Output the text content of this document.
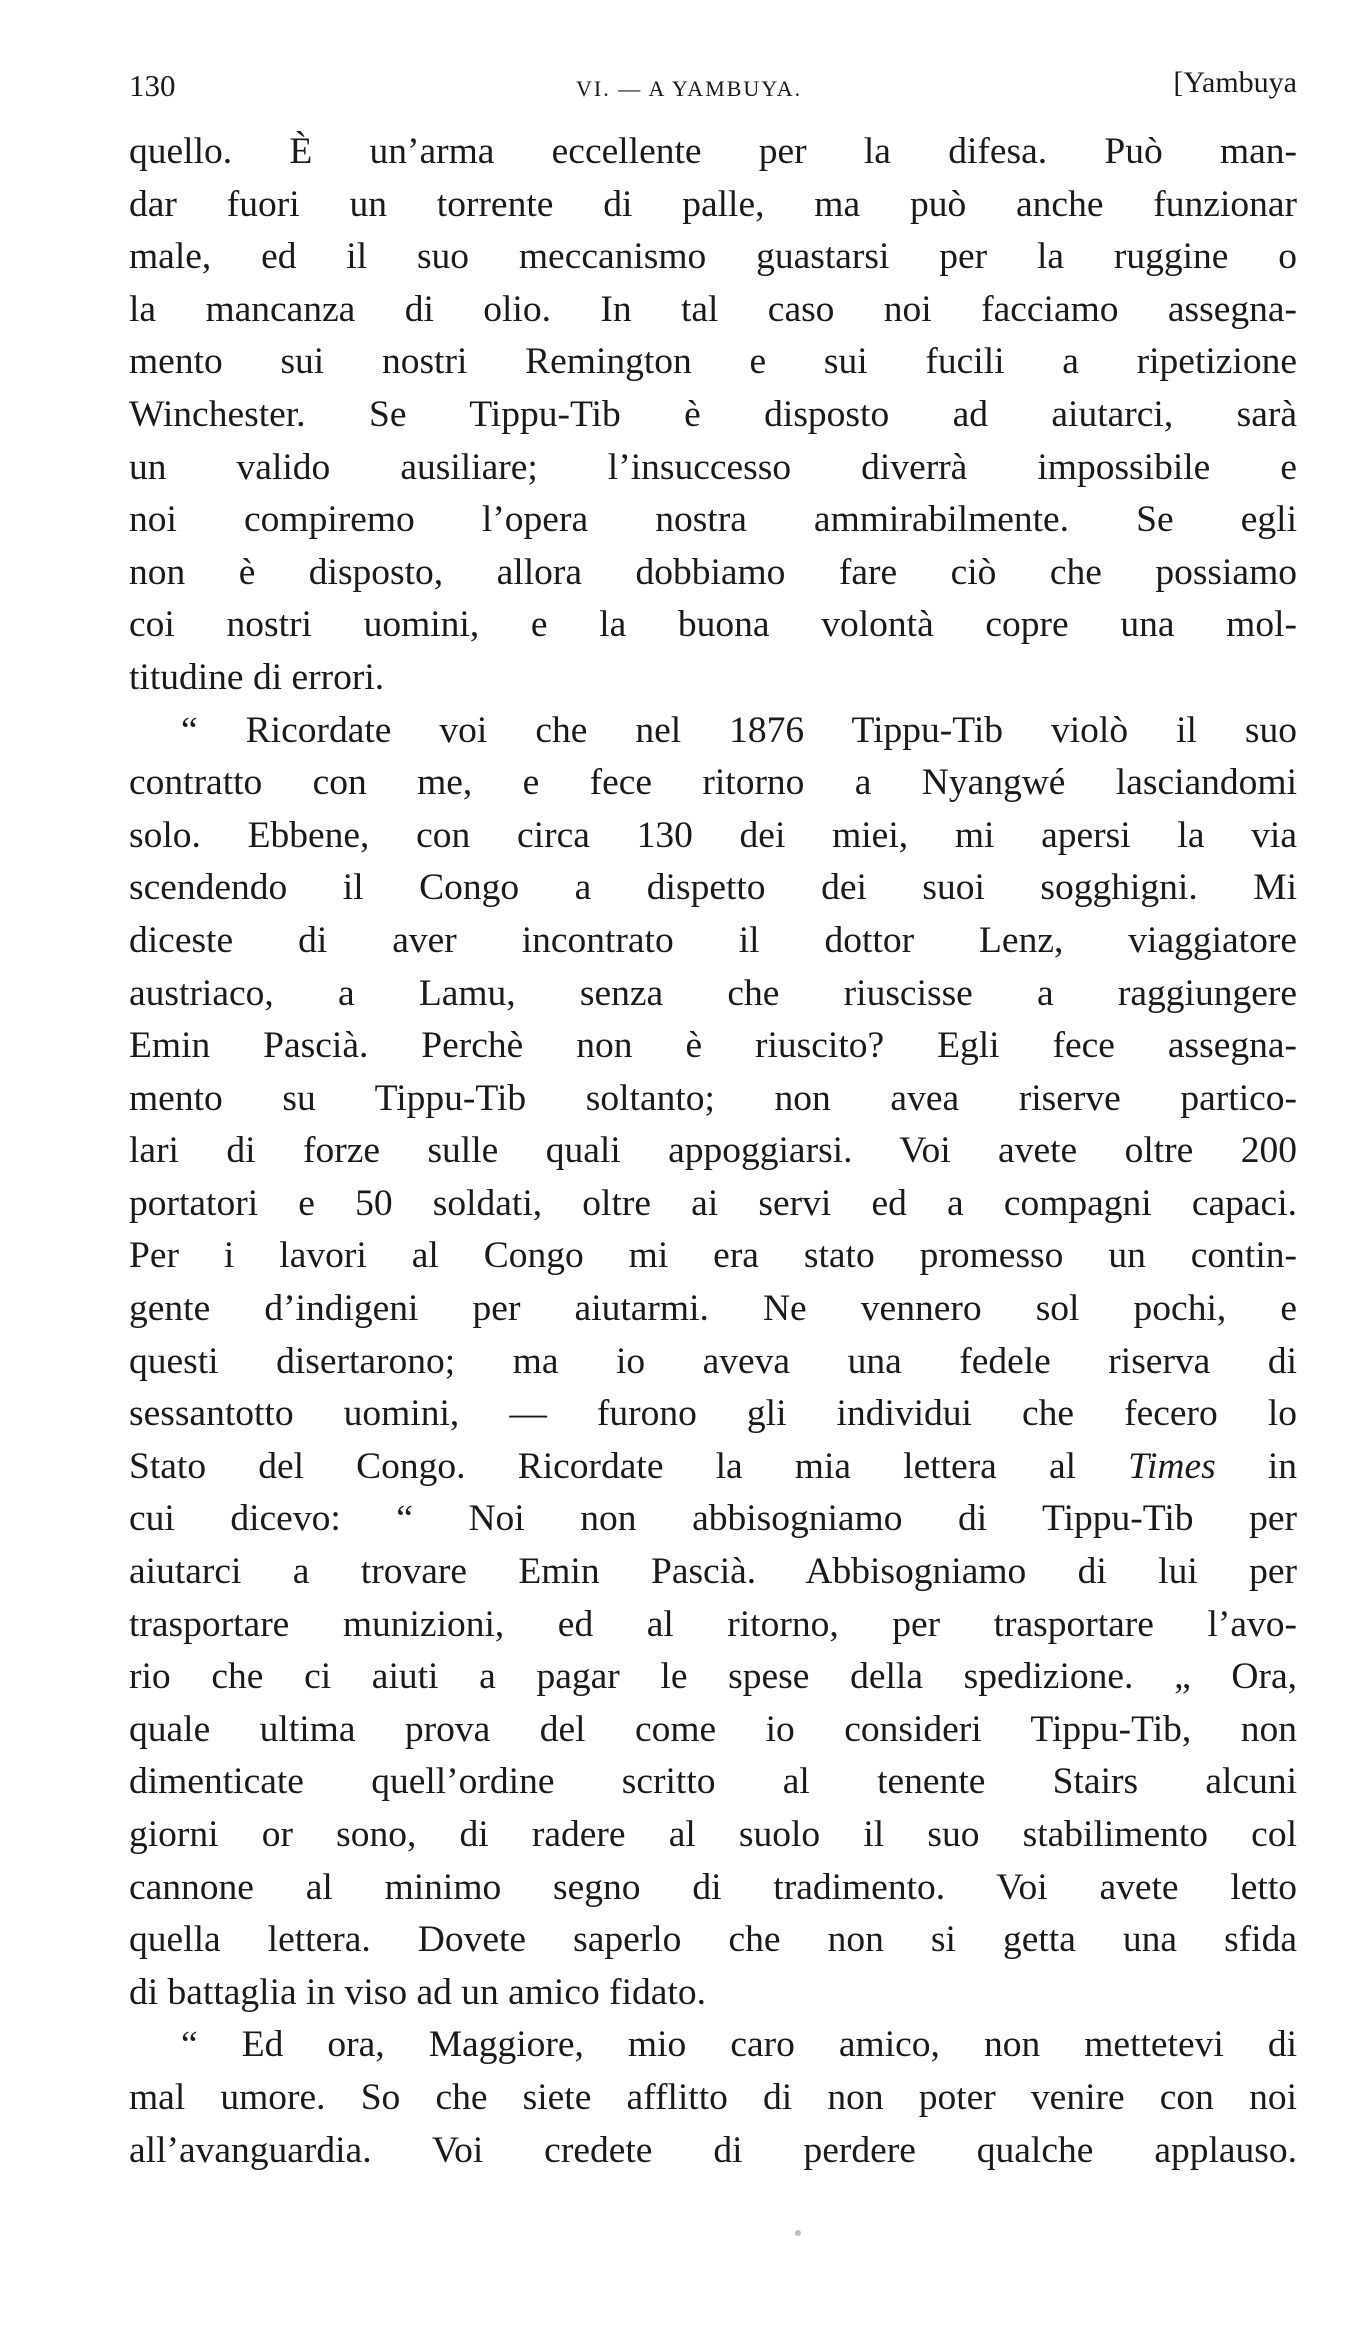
130	VI. — A YAMBUYA.	[Yambuya
quello. È un’arma eccellente per la difesa. Può man-
dar fuori un torrente di palle, ma può anche funzionar
male, ed il suo meccanismo guastarsi per la ruggine o
la mancanza di olio. In tal caso noi facciamo assegna-
mento sui nostri Remington e sui fucili a ripetizione
Winchester. Se Tippu-Tib è disposto ad aiutarci, sarà
un valido ausiliare; l’insuccesso diverrà impossibile e
noi compiremo l’opera nostra ammirabilmente. Se egli
non è disposto, allora dobbiamo fare ciò che possiamo
coi nostri uomini, e la buona volontà copre una mol-
titudine di errori.
“ Ricordate voi che nel 1876 Tippu-Tib violò il suo
contratto con me, e fece ritorno a Nyangwé lasciandomi
solo. Ebbene, con circa 130 dei miei, mi apersi la via
scendendo il Congo a dispetto dei suoi sogghigni. Mi
diceste di aver incontrato il dottor Lenz, viaggiatore
austriaco, a Lamu, senza che riuscisse a raggiungere
Emin Pascià. Perchè non è riuscito? Egli fece assegna-
mento su Tippu-Tib soltanto; non avea riserve partico-
lari di forze sulle quali appoggiarsi. Voi avete oltre 200
portatori e 50 soldati, oltre ai servi ed a compagni capaci.
Per i lavori al Congo mi era stato promesso un contin-
gente d’indigeni per aiutarmi. Ne vennero sol pochi, e
questi disertarono; ma io aveva una fedele riserva di
sessantotto uomini, — furono gli individui che fecero lo
Stato del Congo. Ricordate la mia lettera al Times in
cui dicevo: “ Noi non abbisogniamo di Tippu-Tib per
aiutarci a trovare Emin Pascià. Abbisogniamo di lui per
trasportare munizioni, ed al ritorno, per trasportare l’avo-
rio che ci aiuti a pagar le spese della spedizione. „ Ora,
quale ultima prova del come io consideri Tippu-Tib, non
dimenticate quell’ordine scritto al tenente Stairs alcuni
giorni or sono, di radere al suolo il suo stabilimento col
cannone al minimo segno di tradimento. Voi avete letto
quella lettera. Dovete saperlo che non si getta una sfida
di battaglia in viso ad un amico fidato.
“ Ed ora, Maggiore, mio caro amico, non mettetevi di
mal umore. So che siete afflitto di non poter venire con noi
all’avanguardia. Voi credete di perdere qualche applauso.
